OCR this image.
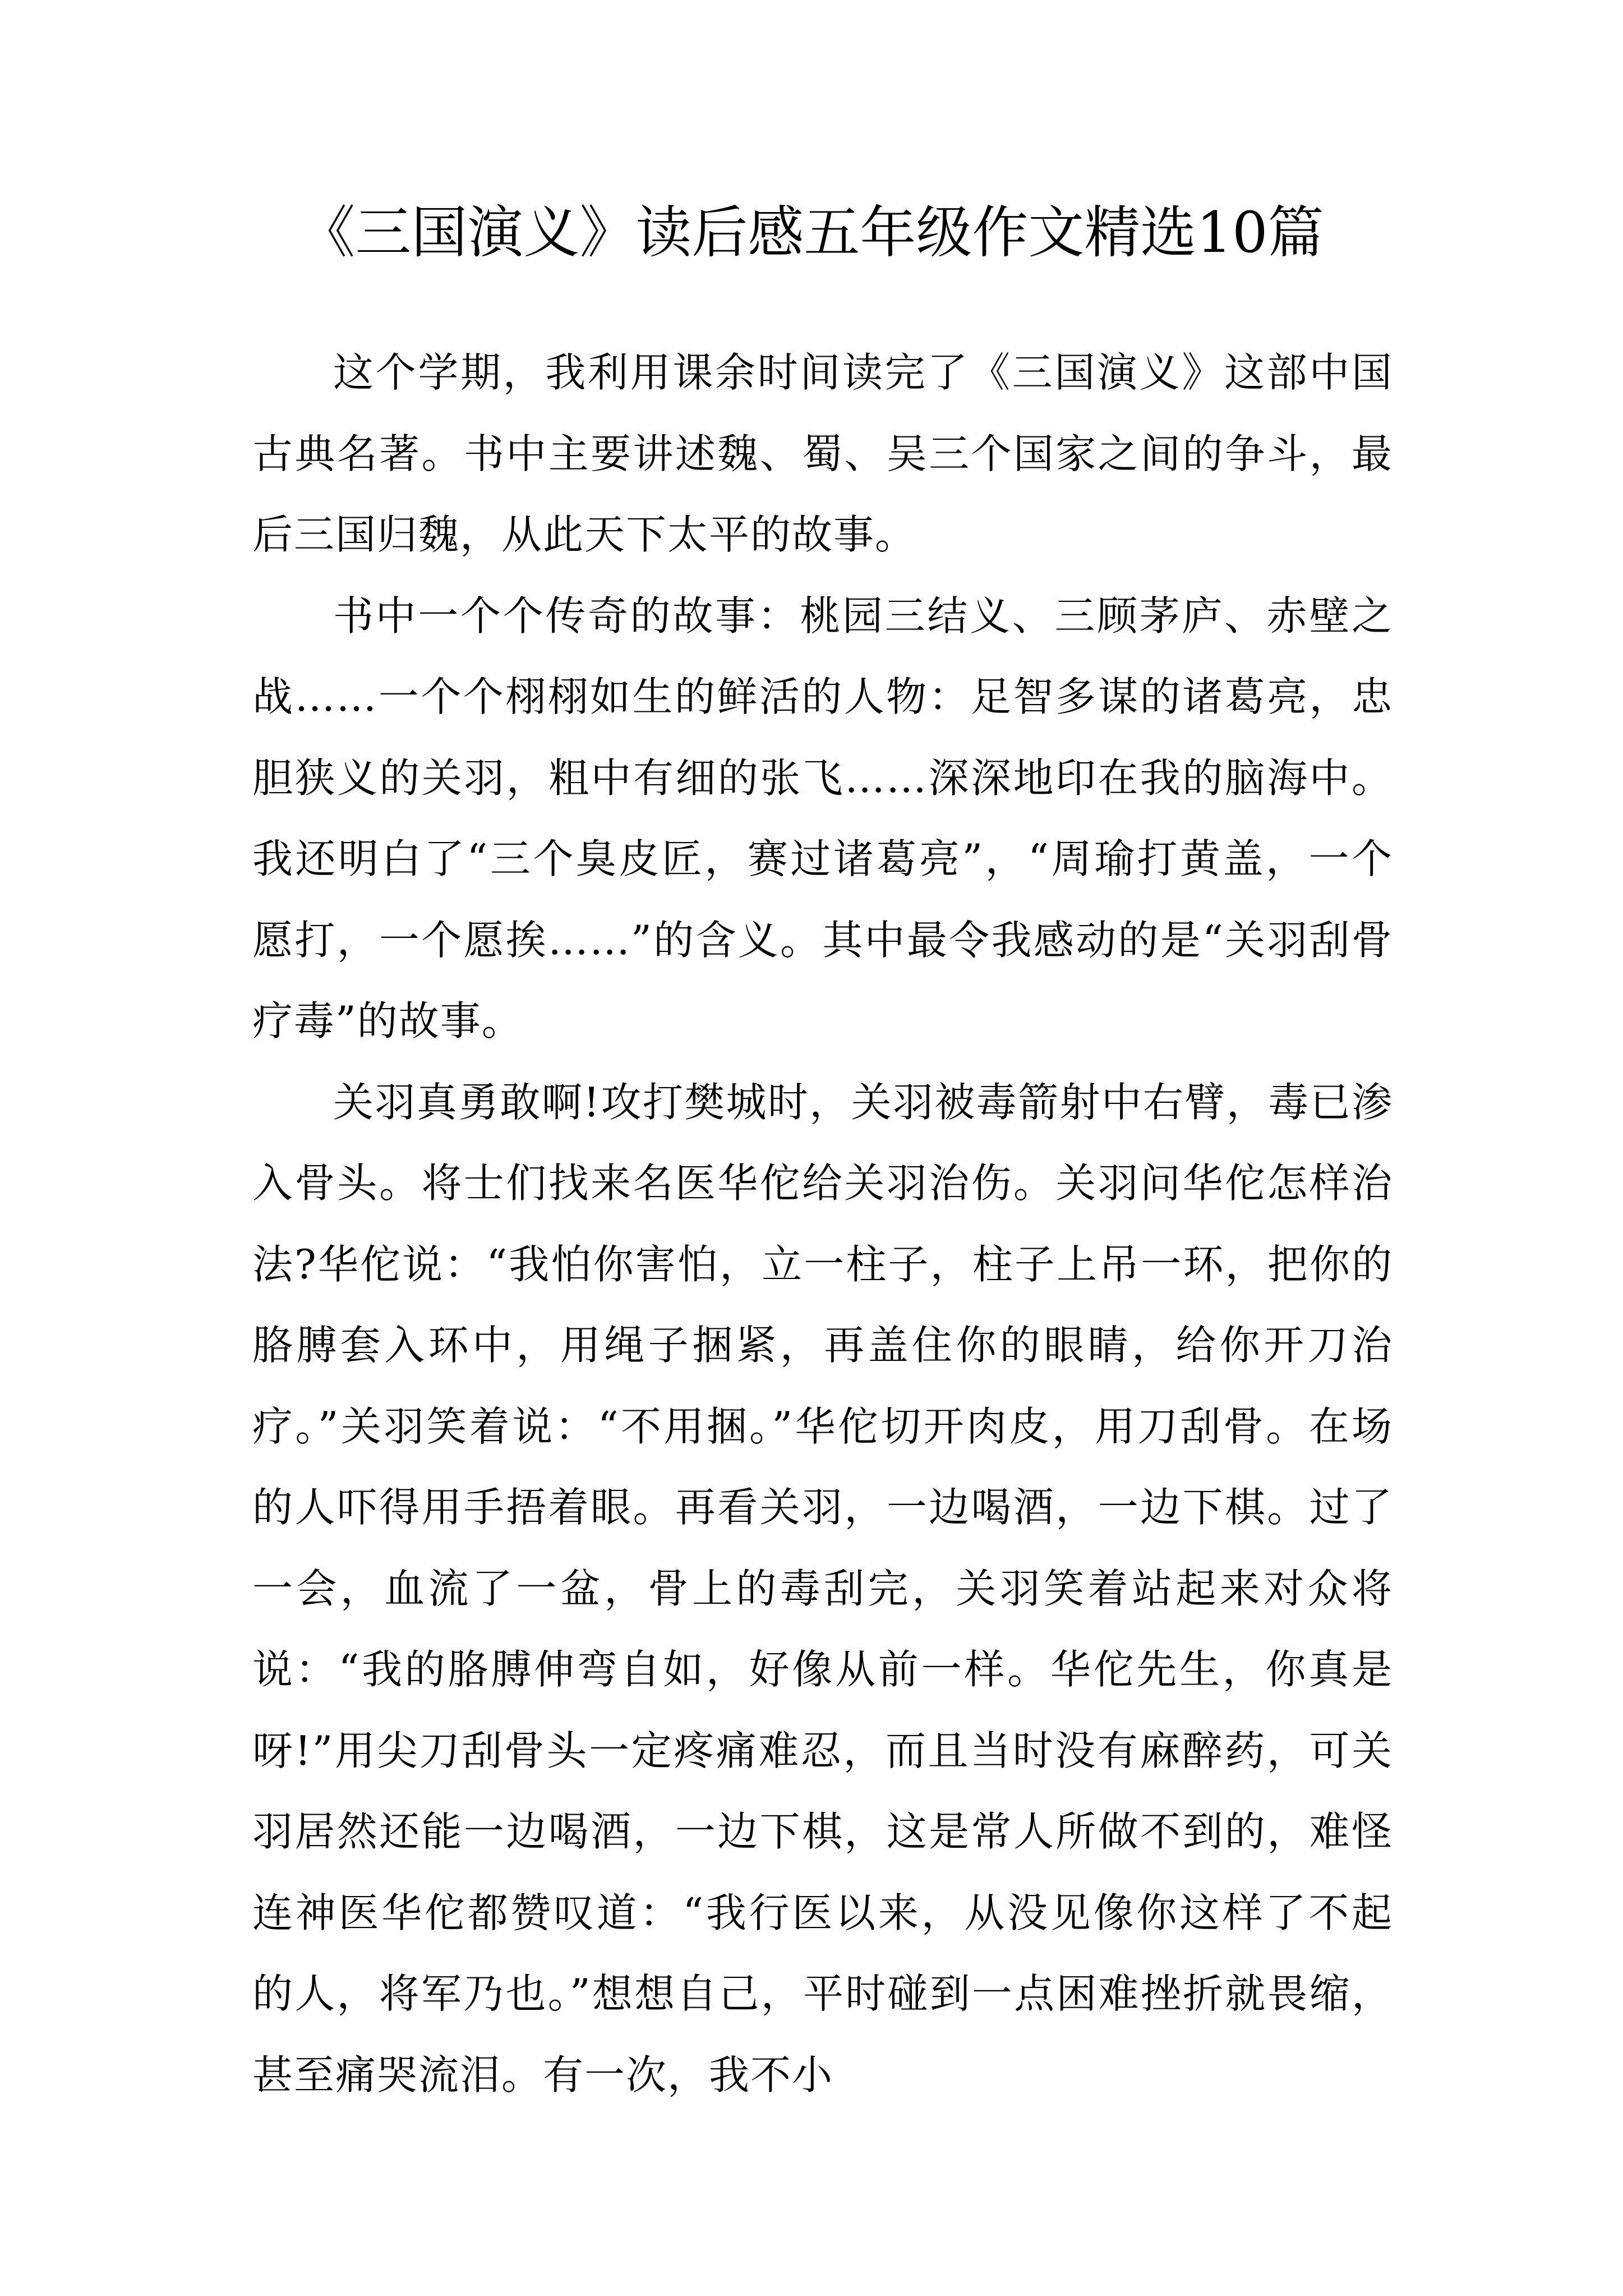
《三国演义》读后感五年级作文精选10篇

这个学期，我利用课余时间读完了《三国演义》这部中国古典名著。书中主要讲述魏、蜀、吴三个国家之间的争斗，最后三国归魏，从此天下太平的故事。

书中一个个传奇的故事：桃园三结义、三顾茅庐、赤壁之战……一个个栩栩如生的鲜活的人物：足智多谋的诸葛亮，忠胆狭义的关羽，粗中有细的张飞……深深地印在我的脑海中。我还明白了“三个臭皮匠，赛过诸葛亮”，“周瑜打黄盖，一个愿打，一个愿挨……”的含义。其中最令我感动的是“关羽刮骨疗毒”的故事。

关羽真勇敢啊!攻打樊城时，关羽被毒箭射中右臂，毒已渗入骨头。将士们找来名医华佗给关羽治伤。关羽问华佗怎样治法?华佗说：“我怕你害怕，立一柱子，柱子上吊一环，把你的胳膊套入环中，用绳子捆紧，再盖住你的眼睛，给你开刀治疗。”关羽笑着说：“不用捆。”华佗切开肉皮，用刀刮骨。在场的人吓得用手捂着眼。再看关羽，一边喝酒，一边下棋。过了一会，血流了一盆，骨上的毒刮完，关羽笑着站起来对众将说：“我的胳膊伸弯自如，好像从前一样。华佗先生，你真是呀!”用尖刀刮骨头一定疼痛难忍，而且当时没有麻醉药，可关羽居然还能一边喝酒，一边下棋，这是常人所做不到的，难怪连神医华佗都赞叹道：“我行医以来，从没见像你这样了不起的人，将军乃也。”想想自己，平时碰到一点困难挫折就畏缩，甚至痛哭流泪。有一次，我不小
